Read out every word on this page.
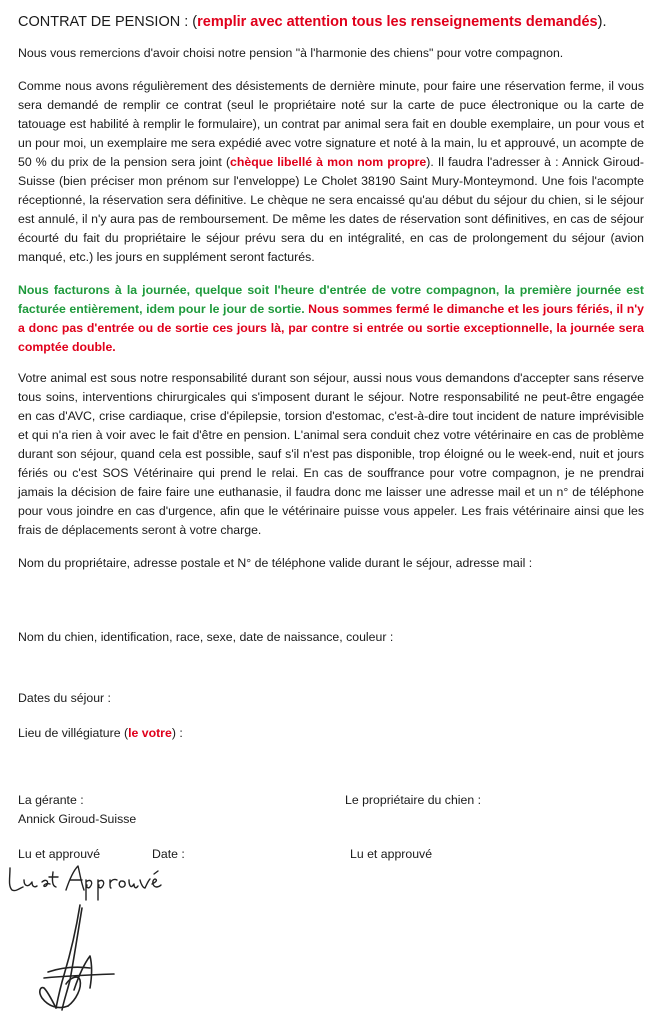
CONTRAT DE PENSION : (remplir avec attention tous les renseignements demandés).

Nous vous remercions d'avoir choisi notre pension "à l'harmonie des chiens" pour votre compagnon.

Comme nous avons régulièrement des désistements de dernière minute, pour faire une réservation ferme, il vous sera demandé de remplir ce contrat (seul le propriétaire noté sur la carte de puce électronique ou la carte de tatouage est habilité à remplir le formulaire), un contrat par animal sera fait en double exemplaire, un pour vous et un pour moi, un exemplaire me sera expédié avec votre signature et noté à la main, lu et approuvé, un acompte de 50 % du prix de la pension sera joint (chèque libellé à mon nom propre). Il faudra l'adresser à : Annick Giroud-Suisse (bien préciser mon prénom sur l'enveloppe) Le Cholet 38190 Saint Mury-Monteymond. Une fois l'acompte réceptionné, la réservation sera définitive. Le chèque ne sera encaissé qu'au début du séjour du chien, si le séjour est annulé, il n'y aura pas de remboursement. De même les dates de réservation sont définitives, en cas de séjour écourté du fait du propriétaire le séjour prévu sera du en intégralité, en cas de prolongement du séjour (avion manqué, etc.) les jours en supplément seront facturés.

Nous facturons à la journée, quelque soit l'heure d'entrée de votre compagnon, la première journée est facturée entièrement, idem pour le jour de sortie. Nous sommes fermé le dimanche et les jours fériés, il n'y a donc pas d'entrée ou de sortie ces jours là, par contre si entrée ou sortie exceptionnelle, la journée sera comptée double.

Votre animal est sous notre responsabilité durant son séjour, aussi nous vous demandons d'accepter sans réserve tous soins, interventions chirurgicales qui s'imposent durant le séjour. Notre responsabilité ne peut-être engagée en cas d'AVC, crise cardiaque, crise d'épilepsie, torsion d'estomac, c'est-à-dire tout incident de nature imprévisible et qui n'a rien à voir avec le fait d'être en pension. L'animal sera conduit chez votre vétérinaire en cas de problème durant son séjour, quand cela est possible, sauf s'il n'est pas disponible, trop éloigné ou le week-end, nuit et jours fériés ou c'est SOS Vétérinaire qui prend le relai. En cas de souffrance pour votre compagnon, je ne prendrai jamais la décision de faire faire une euthanasie, il faudra donc me laisser une adresse mail et un n° de téléphone pour vous joindre en cas d'urgence, afin que le vétérinaire puisse vous appeler. Les frais vétérinaire ainsi que les frais de déplacements seront à votre charge.

Nom du propriétaire, adresse postale et N° de téléphone valide durant le séjour, adresse mail :
Nom du chien, identification, race, sexe, date de naissance, couleur :
Dates du séjour :
Lieu de villégiature (le votre) :
La gérante :
Annick Giroud-Suisse
Le propriétaire du chien :
Lu et approuvé	Date :	Lu et approuvé
